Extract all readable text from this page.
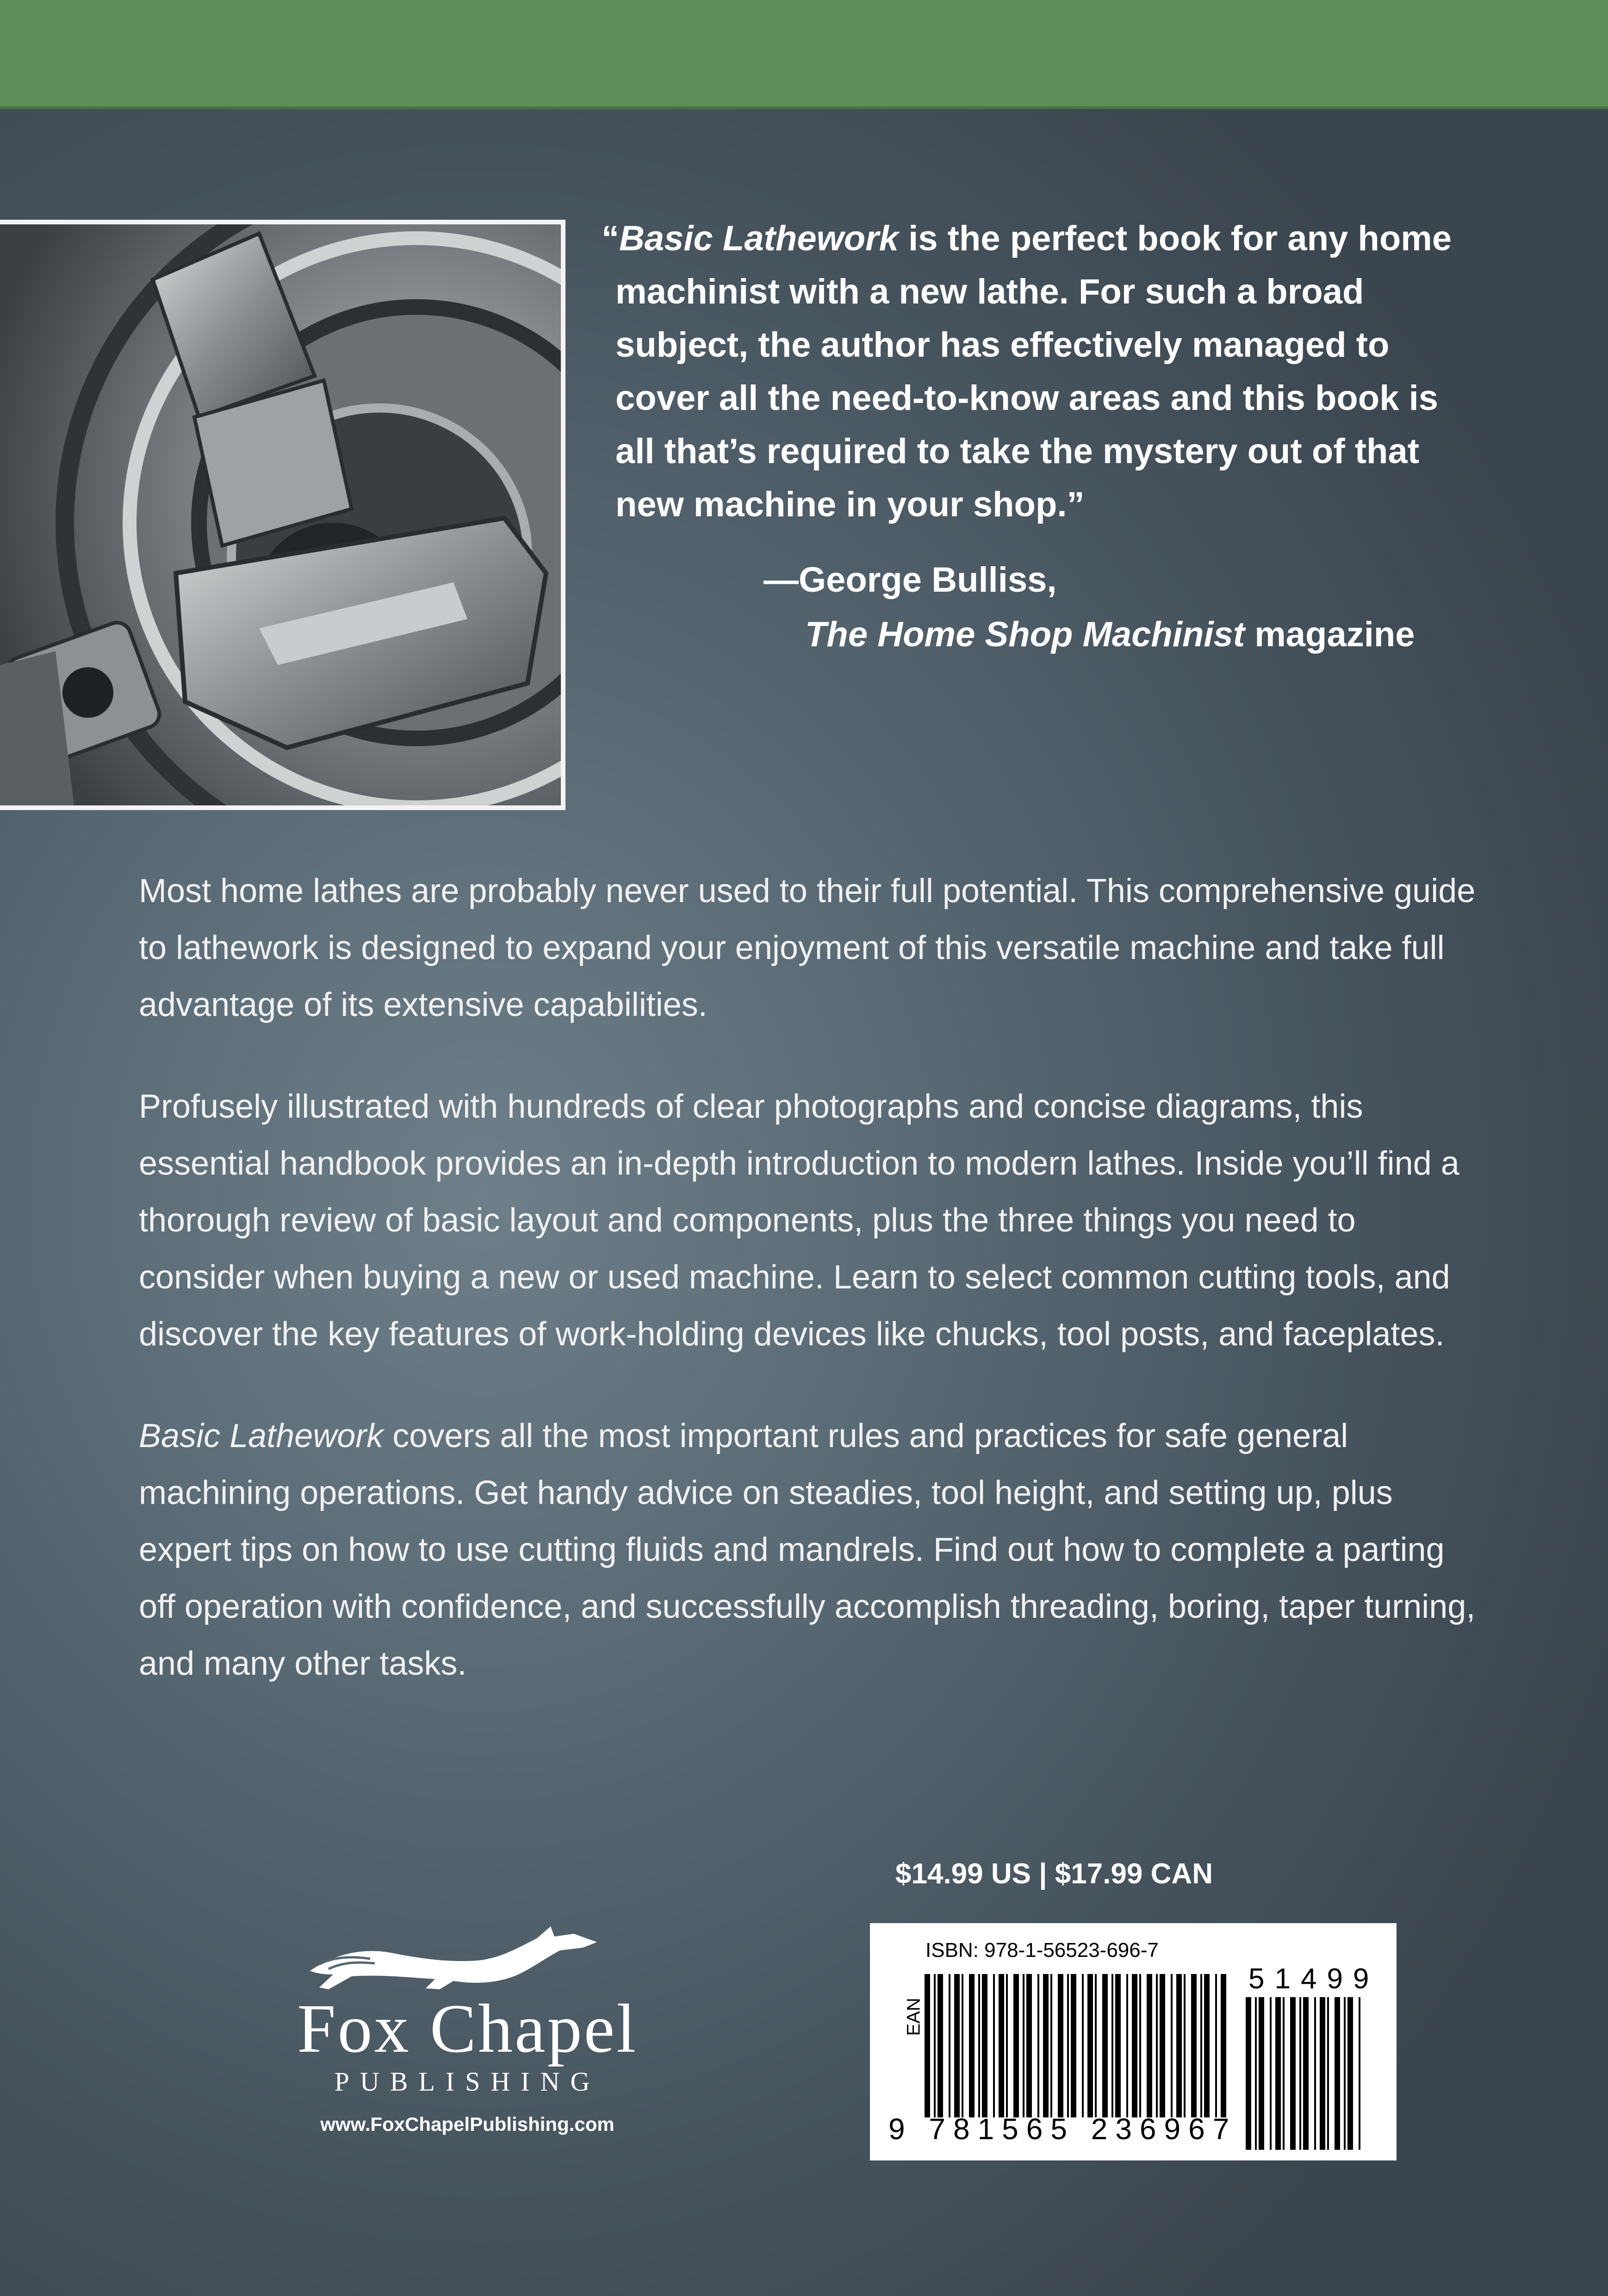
“Basic Lathework is the perfect book for any home machinist with a new lathe. For such a broad subject, the author has effectively managed to cover all the need-to-know areas and this book is all that’s required to take the mystery out of that new machine in your shop.”

—George Bulliss,
The Home Shop Machinist magazine

Most home lathes are probably never used to their full potential. This comprehensive guide to lathework is designed to expand your enjoyment of this versatile machine and take full advantage of its extensive capabilities.

Profusely illustrated with hundreds of clear photographs and concise diagrams, this essential handbook provides an in-depth introduction to modern lathes. Inside you’ll find a thorough review of basic layout and components, plus the three things you need to consider when buying a new or used machine. Learn to select common cutting tools, and discover the key features of work-holding devices like chucks, tool posts, and faceplates.

Basic Lathework covers all the most important rules and practices for safe general machining operations. Get handy advice on steadies, tool height, and setting up, plus expert tips on how to use cutting fluids and mandrels. Find out how to complete a parting off operation with confidence, and successfully accomplish threading, boring, taper turning, and many other tasks.

$14.99 US | $17.99 CAN
ISBN: 978-1-56523-696-7
EAN
9 781565 236967
51499
Fox Chapel
PUBLISHING
www.FoxChapelPublishing.com
